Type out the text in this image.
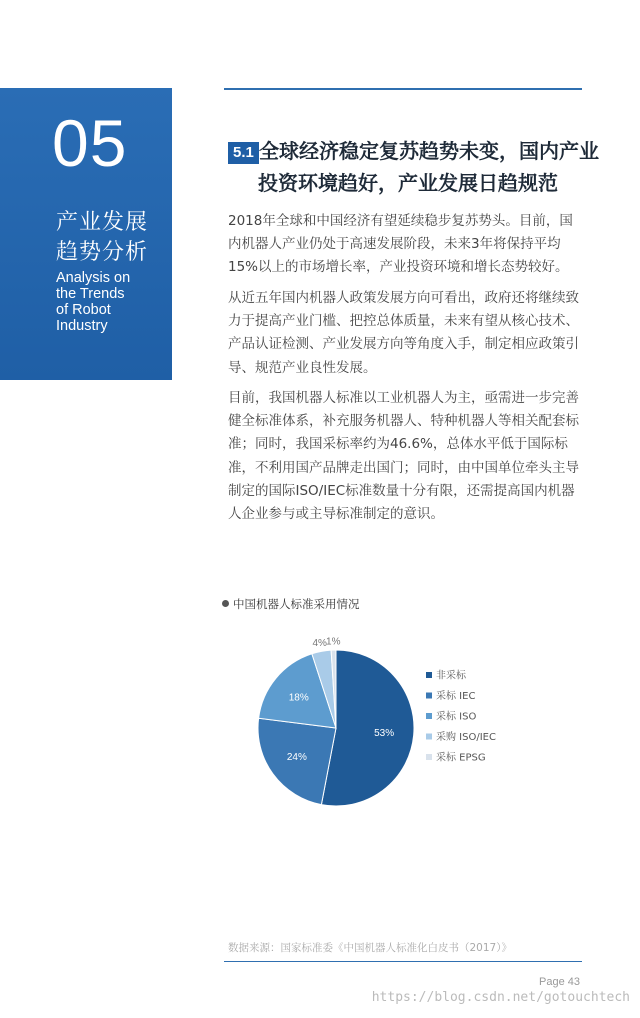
05
产业发展
趋势分析
Analysis on
the Trends
of Robot
Industry
5.1 全球经济稳定复苏趋势未变，国内产业
投资环境趋好，产业发展日趋规范

2018年全球和中国经济有望延续稳步复苏势头。目前，国内机器人产业仍处于高速发展阶段，未来3年将保持平均15%以上的市场增长率，产业投资环境和增长态势较好。

从近五年国内机器人政策发展方向可看出，政府还将继续致力于提高产业门槛、把控总体质量，未来有望从核心技术、产品认证检测、产业发展方向等角度入手，制定相应政策引导、规范产业良性发展。

目前，我国机器人标准以工业机器人为主，亟需进一步完善健全标准体系，补充服务机器人、特种机器人等相关配套标准；同时，我国采标率约为46.6%，总体水平低于国际标准，不利用国产品牌走出国门；同时，由中国单位牵头主导制定的国际ISO/IEC标准数量十分有限，还需提高国内机器人企业参与或主导标准制定的意识。

中国机器人标准采用情况
53%
24%
18%
4% 1%
非采标
采标 IEC
采标 ISO
采购 ISO/IEC
采标 EPSG
数据来源：国家标准委《中国机器人标准化白皮书（2017）》
Page 43
https://blog.csdn.net/gotouchtech
